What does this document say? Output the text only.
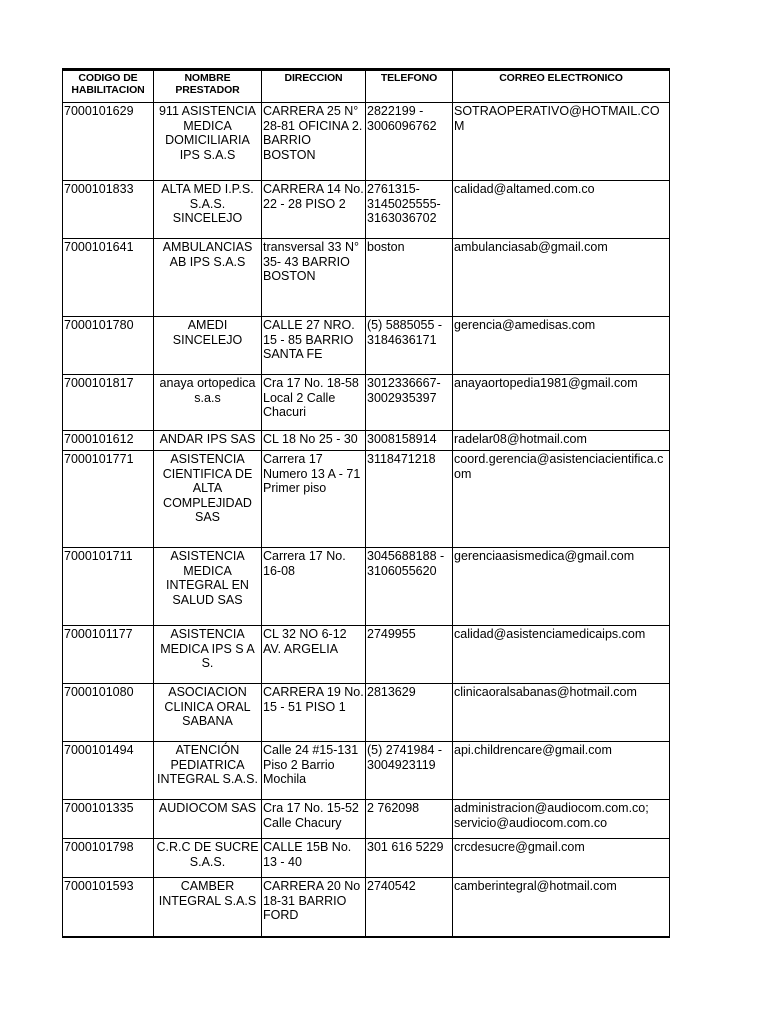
CODIGO DE HABILITACION	NOMBRE PRESTADOR	DIRECCION	TELEFONO	CORREO ELECTRONICO
7000101629	911 ASISTENCIA MEDICA DOMICILIARIA IPS S.A.S	CARRERA 25 N° 28-81 OFICINA 2. BARRIO BOSTON	2822199 - 3006096762	SOTRAOPERATIVO@HOTMAIL.COM
7000101833	ALTA MED I.P.S. S.A.S. SINCELEJO	CARRERA 14 No. 22 - 28 PISO 2	2761315-3145025555-3163036702	calidad@altamed.com.co
7000101641	AMBULANCIAS AB IPS S.A.S	transversal 33 N° 35- 43 BARRIO BOSTON	boston	ambulanciasab@gmail.com
7000101780	AMEDI SINCELEJO	CALLE 27 NRO. 15 - 85 BARRIO SANTA FE	(5) 5885055 - 3184636171	gerencia@amedisas.com
7000101817	anaya ortopedica s.a.s	Cra 17 No. 18-58 Local 2 Calle Chacuri	3012336667-3002935397	anayaortopedia1981@gmail.com
7000101612	ANDAR IPS SAS	CL 18 No 25 - 30	3008158914	radelar08@hotmail.com
7000101771	ASISTENCIA CIENTIFICA DE ALTA COMPLEJIDAD SAS	Carrera 17 Numero 13 A - 71 Primer piso	3118471218	coord.gerencia@asistenciacientifica.com
7000101711	ASISTENCIA MEDICA INTEGRAL EN SALUD SAS	Carrera 17 No. 16-08	3045688188 - 3106055620	gerenciaasismedica@gmail.com
7000101177	ASISTENCIA MEDICA IPS S A S.	CL 32 NO 6-12 AV. ARGELIA	2749955	calidad@asistenciamedicaips.com
7000101080	ASOCIACION CLINICA ORAL SABANA	CARRERA 19 No. 15 - 51 PISO 1	2813629	clinicaoralsabanas@hotmail.com
7000101494	ATENCIÓN PEDIATRICA INTEGRAL S.A.S.	Calle 24 #15-131 Piso 2 Barrio Mochila	(5) 2741984 - 3004923119	api.childrencare@gmail.com
7000101335	AUDIOCOM SAS	Cra 17 No. 15-52 Calle Chacury	2 762098	administracion@audiocom.com.co; servicio@audiocom.com.co
7000101798	C.R.C DE SUCRE S.A.S.	CALLE 15B No. 13 - 40	301 616 5229	crcdesucre@gmail.com
7000101593	CAMBER INTEGRAL S.A.S	CARRERA 20 No 18-31 BARRIO FORD	2740542	camberintegral@hotmail.com
